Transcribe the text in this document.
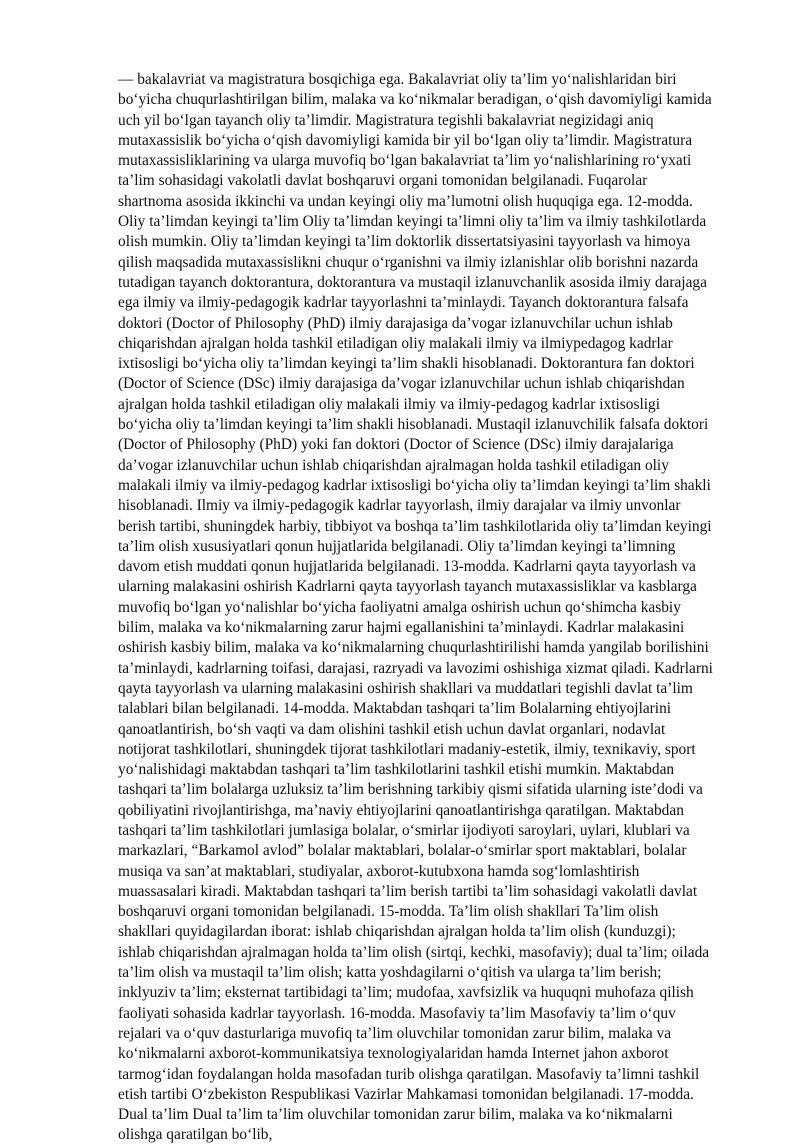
— bakalavriat va magistratura bosqichiga ega. Bakalavriat oliy ta’lim yo‘nalishlaridan biri bo‘yicha chuqurlashtirilgan bilim, malaka va ko‘nikmalar beradigan, o‘qish davomiyligi kamida uch yil bo‘lgan tayanch oliy ta’limdir. Magistratura tegishli bakalavriat negizidagi aniq mutaxassislik bo‘yicha o‘qish davomiyligi kamida bir yil bo‘lgan oliy ta’limdir. Magistratura mutaxassisliklarining va ularga muvofiq bo‘lgan bakalavriat ta’lim yo‘nalishlarining ro‘yxati ta’lim sohasidagi vakolatli davlat boshqaruvi organi tomonidan belgilanadi. Fuqarolar shartnoma asosida ikkinchi va undan keyingi oliy ma’lumotni olish huquqiga ega. 12-modda. Oliy ta’limdan keyingi ta’lim Oliy ta’limdan keyingi ta’limni oliy ta’lim va ilmiy tashkilotlarda olish mumkin. Oliy ta’limdan keyingi ta’lim doktorlik dissertatsiyasini tayyorlash va himoya qilish maqsadida mutaxassislikni chuqur o‘rganishni va ilmiy izlanishlar olib borishni nazarda tutadigan tayanch doktorantura, doktorantura va mustaqil izlanuvchanlik asosida ilmiy darajaga ega ilmiy va ilmiy-pedagogik kadrlar tayyorlashni ta’minlaydi. Tayanch doktorantura falsafa doktori (Doctor of Philosophy (PhD) ilmiy darajasiga da’vogar izlanuvchilar uchun ishlab chiqarishdan ajralgan holda tashkil etiladigan oliy malakali ilmiy va ilmiypedagog kadrlar ixtisosligi bo‘yicha oliy ta’limdan keyingi ta’lim shakli hisoblanadi. Doktorantura fan doktori (Doctor of Science (DSc) ilmiy darajasiga da’vogar izlanuvchilar uchun ishlab chiqarishdan ajralgan holda tashkil etiladigan oliy malakali ilmiy va ilmiy-pedagog kadrlar ixtisosligi bo‘yicha oliy ta’limdan keyingi ta’lim shakli hisoblanadi. Mustaqil izlanuvchilik falsafa doktori (Doctor of Philosophy (PhD) yoki fan doktori (Doctor of Science (DSc) ilmiy darajalariga da’vogar izlanuvchilar uchun ishlab chiqarishdan ajralmagan holda tashkil etiladigan oliy malakali ilmiy va ilmiy-pedagog kadrlar ixtisosligi bo‘yicha oliy ta’limdan keyingi ta’lim shakli hisoblanadi. Ilmiy va ilmiy-pedagogik kadrlar tayyorlash, ilmiy darajalar va ilmiy unvonlar berish tartibi, shuningdek harbiy, tibbiyot va boshqa ta’lim tashkilotlarida oliy ta’limdan keyingi ta’lim olish xususiyatlari qonun hujjatlarida belgilanadi. Oliy ta’limdan keyingi ta’limning davom etish muddati qonun hujjatlarida belgilanadi. 13-modda. Kadrlarni qayta tayyorlash va ularning malakasini oshirish Kadrlarni qayta tayyorlash tayanch mutaxassisliklar va kasblarga muvofiq bo‘lgan yo‘nalishlar bo‘yicha faoliyatni amalga oshirish uchun qo‘shimcha kasbiy bilim, malaka va ko‘nikmalarning zarur hajmi egallanishini ta’minlaydi. Kadrlar malakasini oshirish kasbiy bilim, malaka va ko‘nikmalarning chuqurlashtirilishi hamda yangilab borilishini ta’minlaydi, kadrlarning toifasi, darajasi, razryadi va lavozimi oshishiga xizmat qiladi. Kadrlarni qayta tayyorlash va ularning malakasini oshirish shakllari va muddatlari tegishli davlat ta’lim talablari bilan belgilanadi. 14-modda. Maktabdan tashqari ta’lim Bolalarning ehtiyojlarini qanoatlantirish, bo‘sh vaqti va dam olishini tashkil etish uchun davlat organlari, nodavlat notijorat tashkilotlari, shuningdek tijorat tashkilotlari madaniy-estetik, ilmiy, texnikaviy, sport yo‘nalishidagi maktabdan tashqari ta’lim tashkilotlarini tashkil etishi mumkin. Maktabdan tashqari ta’lim bolalarga uzluksiz ta’lim berishning tarkibiy qismi sifatida ularning iste’dodi va qobiliyatini rivojlantirishga, ma’naviy ehtiyojlarini qanoatlantirishga qaratilgan. Maktabdan tashqari ta’lim tashkilotlari jumlasiga bolalar, o‘smirlar ijodiyoti saroylari, uylari, klublari va markazlari, “Barkamol avlod” bolalar maktablari, bolalar-o‘smirlar sport maktablari, bolalar musiqa va san’at maktablari, studiyalar, axborot-kutubxona hamda sog‘lomlashtirish muassasalari kiradi. Maktabdan tashqari ta’lim berish tartibi ta’lim sohasidagi vakolatli davlat boshqaruvi organi tomonidan belgilanadi. 15-modda. Ta’lim olish shakllari Ta’lim olish shakllari quyidagilardan iborat: ishlab chiqarishdan ajralgan holda ta’lim olish (kunduzgi); ishlab chiqarishdan ajralmagan holda ta’lim olish (sirtqi, kechki, masofaviy); dual ta’lim; oilada ta’lim olish va mustaqil ta’lim olish; katta yoshdagilarni o‘qitish va ularga ta’lim berish; inklyuziv ta’lim; eksternat tartibidagi ta’lim; mudofaa, xavfsizlik va huquqni muhofaza qilish faoliyati sohasida kadrlar tayyorlash. 16-modda. Masofaviy ta’lim Masofaviy ta’lim o‘quv rejalari va o‘quv dasturlariga muvofiq ta’lim oluvchilar tomonidan zarur bilim, malaka va ko‘nikmalarni axborot-kommunikatsiya texnologiyalaridan hamda Internet jahon axborot tarmog‘idan foydalangan holda masofadan turib olishga qaratilgan. Masofaviy ta’limni tashkil etish tartibi O‘zbekiston Respublikasi Vazirlar Mahkamasi tomonidan belgilanadi. 17-modda. Dual ta’lim Dual ta’lim ta’lim oluvchilar tomonidan zarur bilim, malaka va ko‘nikmalarni olishga qaratilgan bo‘lib,
